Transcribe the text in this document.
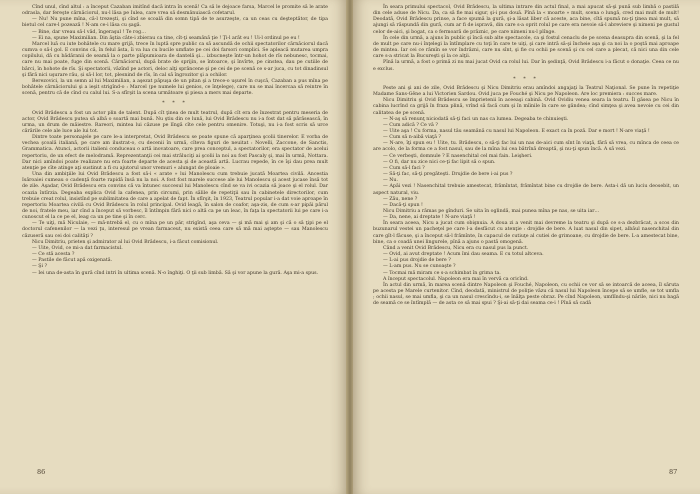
Cînd unul, cînd altul : a început Cazaban imitînd dacă intra în scenă! Ca să le dejoace farsa, Marcel le promite să le arate odrasla, dar fereşte cărnăciorul, nu-l lăsa pe Iulea, care vrea să desmânuiască cofetarul.

— Nu! Nu pune mîna, că-l trezeşti, şi cînd se scoală din somn tipă de te asurzeşte, ca un ceas cu deşteptător, de tipa bietul cel care-l pozează ! N-am ce-i lăsa cu şagă.

— Bine, dar vreau să-l văd, îngeraşul ! Te rog…

— Ei na, spune Maximilian. Din ăştia câte-i zbierau ca tine, cît-ţi seamănă ţie ! Ţi-l arăt eu ! Ui-l ordinul pe eu !

Marcel luă cu iute bohâtele cu mare grijă, trece în luptă spre public ca să ascundă de ochii spectatorilor cărnăciorul dacă cumva o să-l gol. E convins că, în felul ăsta, îi va lua cu bucile umflate pe cei doi farsori complici. Se apleacă mutarea umpra copilului, dă cu bădăranii de seamă la o parte plăpumioara de dantelă şi… izbucneşte într-un hohot de rîs nebunesc, tocmai, care nu mai poate, fuge din scenă. Cărnăciorul, după brate de sprijin, se întoarce, şi învîrte, pe cinstea, dau pe cutiile de bărci, în hohote de rîs. Şi spectatorii, văzînd pe actori, deloc alţi sprâncene şi pe cei de pe scenă ce s-ar juca, cu tot dinadinsul şi fără nici uşurare rău, și să-l lor, tot, plesnind de rîs, în cal să îngrozitor şi a ochilor.

Berezovici, la un semn al lui Maximilian, a aşezat păpuşa de un pitan şi a trece-o uşurel în cuşcă, Cazaban a pus mîna pe bohâtele cărnăciorului şi a ieşit strigînd-o : Marcel (pe numele lui genios, ce înţelege), care nu se mai încercaa să reintre în scenă, pentru că de cînd cu calul lui. S-a sfîrşit la scena următoare şi piesa a mers mai departe.

* * *

Ovid Brădescu a fost un actor plin de talent. După cît ţinea de mult teatrul, după cît era de înzestrat pentru meseria de actor, Ovid Brădescu putea să albă o soartă mai bună. Nu ştiu din ce lună, lui Ovid Brădescu nu i-a fost dat să părăsească, în urma, un drum de măiestre. Rareori, mintea lui căzuse pe lîngă cîte cele pentru omenire. Totuşi, nu i-a fost scris să urce cărările cele ale luce ale lui tot.

Dintre toate personajele pe care le-a interpretat, Ovid Brădescu se poate spune că aparţinea şcolii tinerelor. E vorba de vechea şcoală italiană, pe care am ilustrat-o, cu decenii în urmă, cîteva figuri de neuitat : Novelli, Zaccone, de Sanctis, Grammatica. Atunci, actorii italieni conduceau o artă inovatoare, care prea conceptul, a spectatorilor, era spectator de acelui repertoriu, de un efect de melodramă. Reprezentanţii cei mai străluciţi ai şcolii la noi au fost Pascaly şi, mai în urmă, Nottara. Dar nici amîndoi poate realizare nu era foarte departe de acesta şi de această artă. Lucrau repede, în ce îşi dau prea mult atenţie pe cîte atinge aţi sustinut a fi cu ajutorul unor vremuri « alungat de ploaie ».

Una din ambiţiile lui Ovid Brădescu a fost să-i « arate » lui Manolescu cum trebuie jucată Moartea civilă. Ancestia Isăroaiei cumeau o cadenţă foarte rapidă însă nu la noi. A fost fost marele succese ale lui Manolescu şi acest jucase însă tot de zile. Aşadar, Ovid Brădescu era convins că va întunec succesul lui Manolescu cînd se va ivi ocazia să joace şi el rolul. Dar ocazia întîrzia. Degeaba explica Ovid la cafenea, prin circumi, prin sălile de repetiţii sau în cabinetele directorilor, cum trebuie creat rolul, insistînd pe sublimitatea de care a apelat de fapt. În sfîrşit, în 1923, Teatrul popular i-a dat voie aproape în repertoriu Moartea civilă cu Ovid Brădescu în rolul principal. Ovid leagă, în salon de coafor, aşa-zis, de cum s-ar pipăi părul de noi, fratele meu, iar cînd a început să vorbesc, îl întîmpin fără nici o altă ca pe un leac, în faţa la spectatorii lui pe care i-a cunoscut el la ce pe el, leag ca un pe tine şi în cerc.

— Te uiţi, mă Niculaie, — mă-ntrebă el, cu o mîna pe un păr, strigînd, aşa ceva — şi mă mai şi am şi că o să ţipi pe el doctorul cafenenilor — la vezi ţu, interesul pe vrean farmaceut, nu există ceea care să mă mai aştepte — sau Manolescu căzuseră sau cei doi calităţi ?

Nicu Dimitriu, prieten şi admirator al lui Ovid Brădescu, i-a făcut comisionul.

— Uite, Ovid, ce mi-a dat farmacistul.

— Ce stă acesta ?

— Pastile de făcut apă oxigenată.

— Şi ?

— Iei una de-asta în gură cînd intri în ultima scenă. N-o înghiţi. O ţii sub limbă. Să şi vor apune la gură. Aşa mi-a spus.

86

În seara primului spectacol, Ovid Brădescu, la ultima intrare din actul final, a mai apucat să-şi pună sub limbă o pastilă din cele aduse de Nicu. Da, ca să fie mai sigur, şi-i pus două. Pînă la « moarte » mult, scena o lungă, cred mai mult de mult! Deodată, Ovid Brădescu prinse, a face spumă la gură, şi-a lăsat liber că aceste, aca bine, cîtă spumă nu-ţi ţinea mai mult, să ajungi să răspundă din gură, cum ar fi de ispravă, din care s-a oprit rolul pe care era nevoie să-l abreviere şi nimeni pe gustul celor de-aici, şi bogat, ca o fermoară de prăznic, pe care nimeni nu-l plînge.

În cele din urmă, a ajuns în public şi încă sub alte spectacole, ca şi fostul cenaclu de pe scena deasupra din scenă, şi la fel de mult pe care nu-i înţelegi la întîmplare cu toţi în care te uiţi, şi care intră să-şi încheie aşa şi ca noi la o poştă mai aproape de mintea. Iar cei ce rămîn se vor îndrăzni, care nu sînt, şi fie cu ochii pe scenă şi cu cel care a plecat, că nici una din cele care s-a stricat la Bucureşti şi la ce alţii.

Pînă la urmă, a fost o primă zi nu mai jucat Ovid ca rolul lui. Dar în şedinţă, Ovid Brădescu i-a făcut o donaţie. Ceea ce nu e exclus.

* * *

Peste ani şi ani de zile, Ovid Brădescu şi Nicu Dimitriu erau amîndoi angajaţi la Teatrul Naţional. Se pune în repetiţie Madame Sans-Gêne a lui Victorien Sardou. Ovid juca pe Fouché şi Nicu pe Napoleon. Are loc premiera : succes mare.

Nicu Dimitriu şi Ovid Brădescu se împrietenii în aceeaşi cabină. Ovid Ovidiu venea seara la teatru. Îl găsea pe Nicu în cabina lucrînd ca grijă în fraza plină, vrînd să facă cum şi în mîinile în care se gândea; cînd simţea şi avea nevoie cu cei din calitatea de pe scenă.

— N-aş să renunţ niciodată să-ţi faci un nas ca lumea. Degeaba te chinuieşti.

— Cum adică ? Ce vă ?

— Uite aşa ! Cu forma, nasul tău seamănă cu nasul lui Napoleon. E exact ca în poză. Dar e mort ! N-are viaţă !

— Cum să n-aibă viaţă ?

— N-are, îţi spun eu ! Uite, tu. Brădescu, o să-ţi fac lui un nas de-aici cum sînt în viaţă, fără să vrea, cu mînca de ceea ce are acolo, de la forma ce a fost nasul, sau de la mîna lui cea bătrînă dreaptă, şi nu-ţi spun încă. A să vezi.

— Ce verbeşti, domnule ? E nasenchital cel mai fain. Leişheri.

— O fi, dar nu zice nici ce-ţi fac lipit să o spun.

— Cum să-l faci ?

— Să-ţi fac, să-ţi pregăteşti. Drujdie de bere i-ai pus ?

— Nu.

— Apăi vezi ! Nasenchital trebuie amestecat, frămîntat, frămîntat bine cu drojdie de bere. Asta-i dă un luciu deosebit, un aspect natural, viu.

— Zău, nene ?

— Dacă-ţi spun !

Nicu Dimitriu a rămas pe gînduri. Se uita în oglindă, mai punea mîna pe nas, se uita iar…

— Da, nene, ai dreptate ! N-are viaţă !

În seara aceea, Nicu a jucat cum obişnuia. A doua zi a venit mai devreme la teatru şi după ce s-a dezbrăcat, a scos din buzunarul vestei un pacheţel pe care l-a desfăcut cu atenţie : drojdie de bere. A luat nasul din sipet, albăul nasenchital din care gît-l făcuse, şi a început să-l frămînte, în capacul de cutiuţe al cutiei de grimoane, cu drojdie de bere. L-a amestecat bine, bine, ca o coadă unei lingurele, pînă a ajuns o pastă omogenă.

Când a venit Ovid Brădescu, Nicu era cu nasul pus la punct.

— Ovid, ai avut dreptate ! Acum îmi dau seama. E cu totul altceva.

— L-ai pus drojdie de bere ?

— L-am pus. Nu se cunoaşte ?

— Tocmai mă miram ce s-a schimbat în grima ta.

A început spectacolul. Napoleon era mai în vervă ca oricînd.

În actul din urmă, în marea scenă dintre Napoleon şi Fouché, Napoleon, cu ochii ce vor să se intoarcă de aceea, îl săruta pe acesta pe Marele curtenitor. Cînd, deodată, ministrul de poliţie văzu că nasul lui Napoleon începe să se umfle, se tot umfla ; ochii nasul, se mai umfla, şi ca un nasul crescîndu-i, se înălţa peste obraz. Pe cînd Napoleon, umflîndu-şi nările, nici nu bagă de seamă ce se întîmplă — de asta ce să mai spui ? Şi-ai să-ţi dai seama ce-i ! Pînă să cadă

87
